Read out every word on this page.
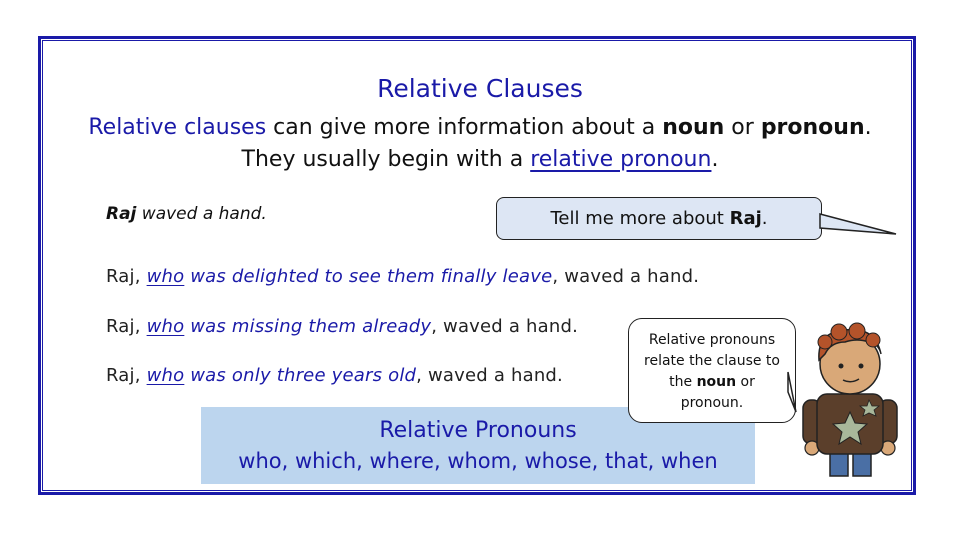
Relative Clauses
Relative clauses can give more information about a noun or pronoun.
They usually begin with a relative pronoun.
Raj waved a hand.	Tell me more about Raj.
Raj, who was delighted to see them finally leave, waved a hand.
Raj, who was missing them already, waved a hand.
Raj, who was only three years old, waved a hand.
Relative Pronouns
who, which, where, whom, whose, that, when
Relative pronouns
relate the clause to
the noun or
pronoun.
